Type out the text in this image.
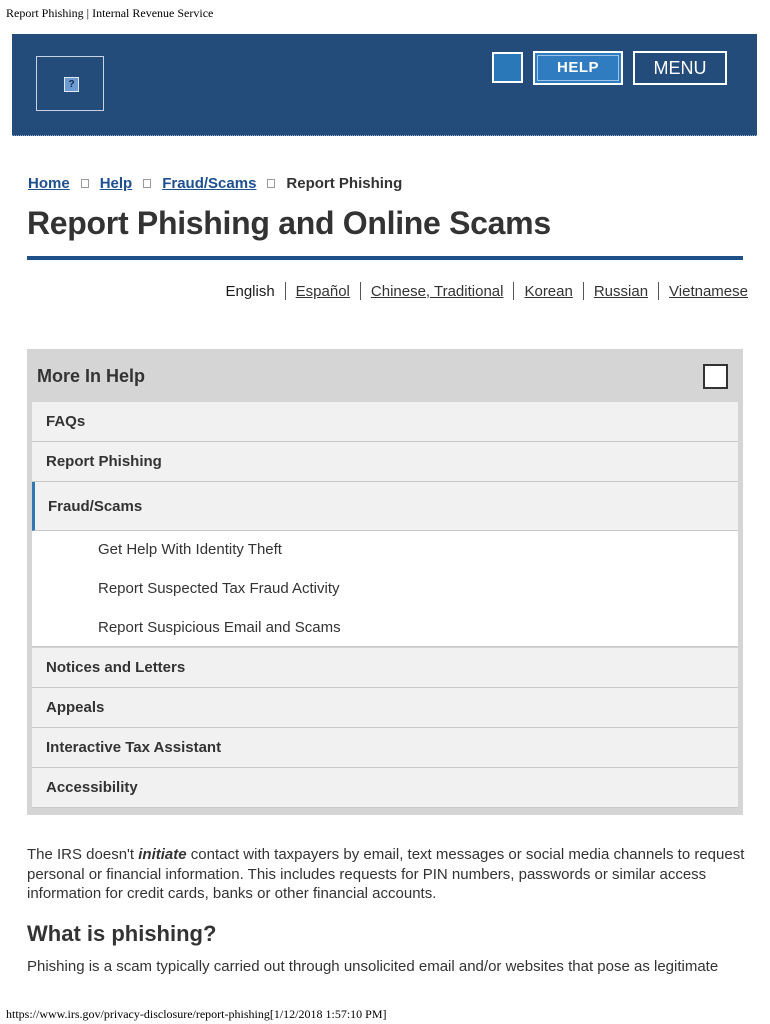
Report Phishing | Internal Revenue Service
?
HELP	MENU
Home Help Fraud/Scams Report Phishing
Report Phishing and Online Scams
English Español Chinese, Traditional Korean Russian Vietnamese
More In Help
FAQs
Report Phishing
Fraud/Scams
Get Help With Identity Theft
Report Suspected Tax Fraud Activity
Report Suspicious Email and Scams
Notices and Letters
Appeals
Interactive Tax Assistant
Accessibility

The IRS doesn't initiate contact with taxpayers by email, text messages or social media channels to request personal or financial information. This includes requests for PIN numbers, passwords or similar access information for credit cards, banks or other financial accounts.

What is phishing?

Phishing is a scam typically carried out through unsolicited email and/or websites that pose as legitimate

https://www.irs.gov/privacy-disclosure/report-phishing[1/12/2018 1:57:10 PM]
